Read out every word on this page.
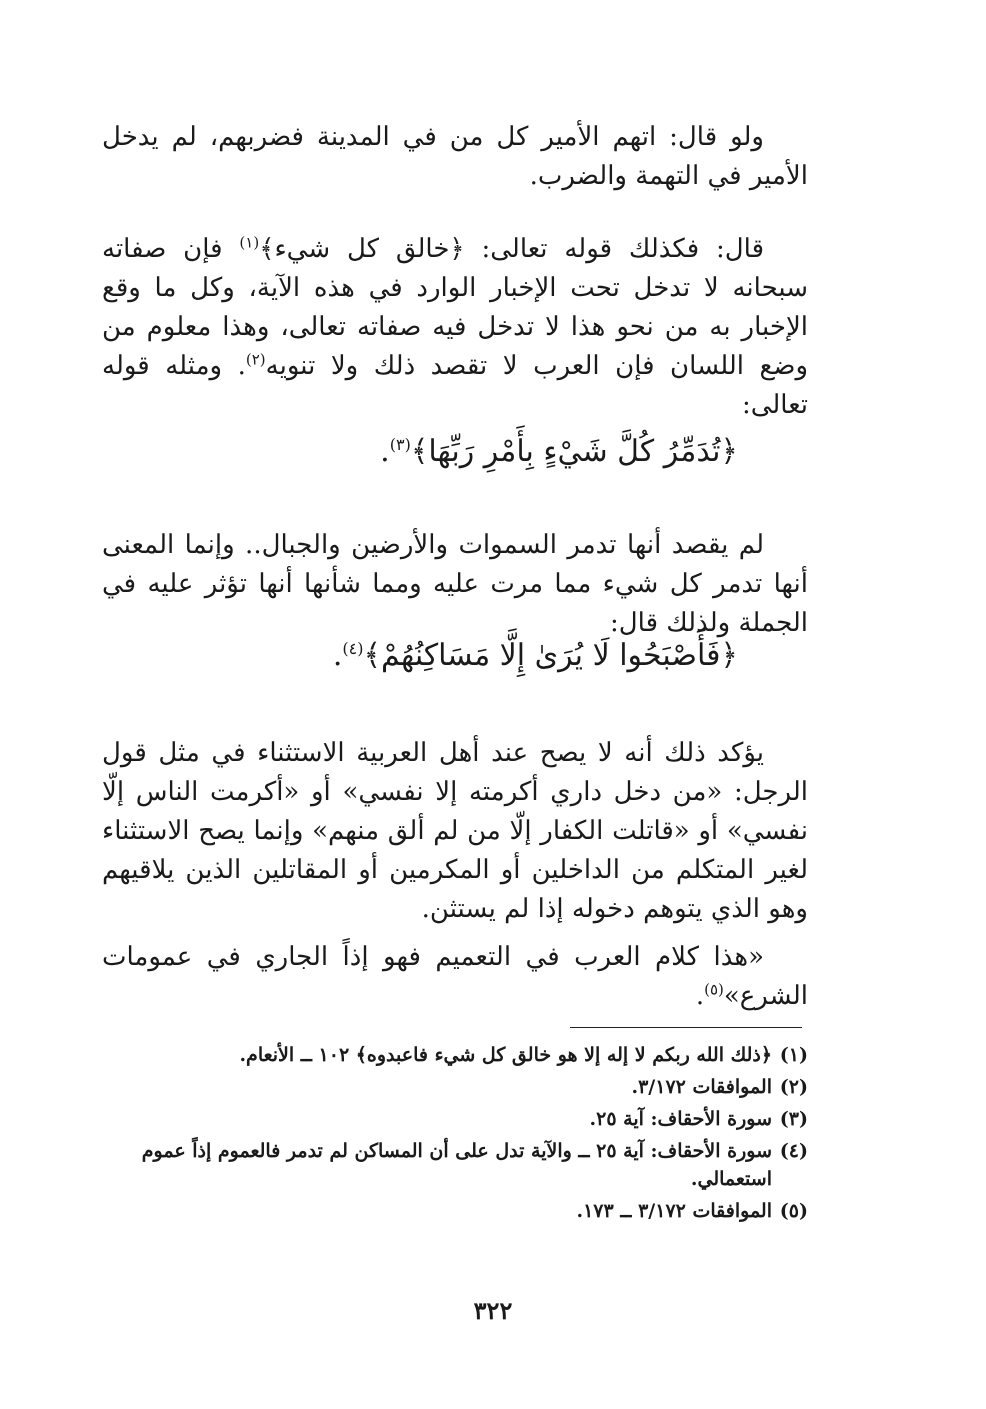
ولو قال: اتهم الأمير كل من في المدينة فضربهم، لم يدخل الأمير في التهمة والضرب.

قال: فكذلك قوله تعالى: ﴿خالق كل شيء﴾$^{(١)}$ فإن صفاته سبحانه لا تدخل تحت الإخبار الوارد في هذه الآية، وكل ما وقع الإخبار به من نحو هذا لا تدخل فيه صفاته تعالى، وهذا معلوم من وضع اللسان فإن العرب لا تقصد ذلك ولا تنويه$^{(٢)}$. ومثله قوله تعالى:

﴿تُدَمِّرُ كُلَّ شَيْءٍ بِأَمْرِ رَبِّهَا﴾$^{(٣)}$.

لم يقصد أنها تدمر السموات والأرضين والجبال.. وإنما المعنى أنها تدمر كل شيء مما مرت عليه ومما شأنها أنها تؤثر عليه في الجملة ولذلك قال:

﴿فَأَصْبَحُوا لَا يُرَىٰ إِلَّا مَسَاكِنُهُمْ﴾$^{(٤)}$.

يؤكد ذلك أنه لا يصح عند أهل العربية الاستثناء في مثل قول الرجل: «من دخل داري أكرمته إلا نفسي» أو «أكرمت الناس إلّا نفسي» أو «قاتلت الكفار إلّا من لم ألق منهم» وإنما يصح الاستثناء لغير المتكلم من الداخلين أو المكرمين أو المقاتلين الذين يلاقيهم وهو الذي يتوهم دخوله إذا لم يستثن.

«هذا كلام العرب في التعميم فهو إذاً الجاري في عمومات الشرع»$^{(٥)}$.

(١)﴿ذلك الله ربكم لا إله إلا هو خالق كل شيء فاعبدوه﴾ ١٠٢ ــ الأنعام.

(٢)الموافقات ٣/١٧٢.

(٣)سورة الأحقاف: آية ٢٥.

(٤)سورة الأحقاف: آية ٢٥ ــ والآية تدل على أن المساكن لم تدمر فالعموم إذاً عموم
استعمالي.

(٥)الموافقات ٣/١٧٢ ــ ١٧٣.

٣٢٢
